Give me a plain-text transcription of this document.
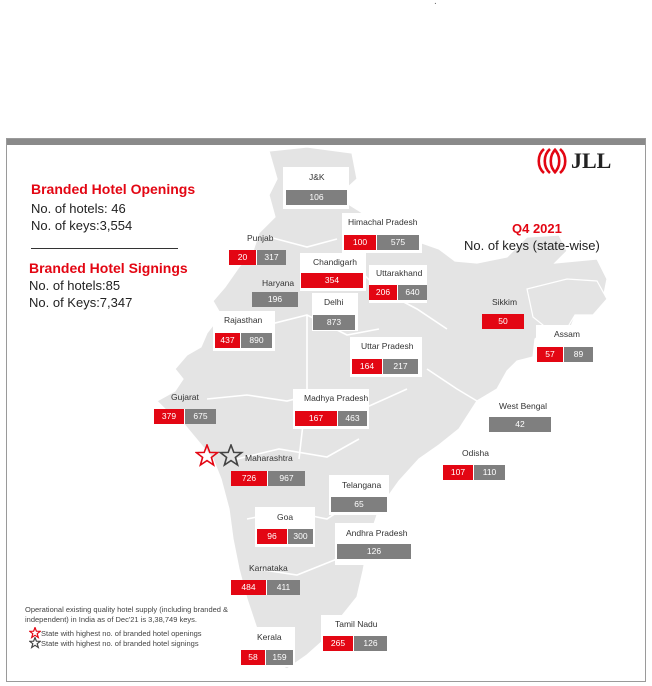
JLL
Branded Hotel Openings
No. of hotels: 46
No. of keys:3,554
Branded Hotel Signings
No. of hotels:85
No. of Keys:7,347
Q4 2021
No. of keys (state-wise)
J&K
106
Himachal Pradesh
100	575
Punjab
20	317	Chandigarh
354
Uttarakhand
206	640
Haryana
196	Delhi
873
Sikkim
50
Rajasthan
437	890
Assam
57	89
Uttar Pradesh
164	217
Gujarat
379	675
Madhya Pradesh
167	463
West Bengal
42
Maharashtra
726	967
Odisha
107	110
Telangana
65
Goa
96	300	Andhra Pradesh
126
Karnataka
484	411
Tamil Nadu
265	126
Kerala
58	159
Operational existing quality hotel supply (including branded &
independent) in India as of Dec'21 is 3,38,749 keys.
State with highest no. of branded hotel openings
State with highest no. of branded hotel signings
.
